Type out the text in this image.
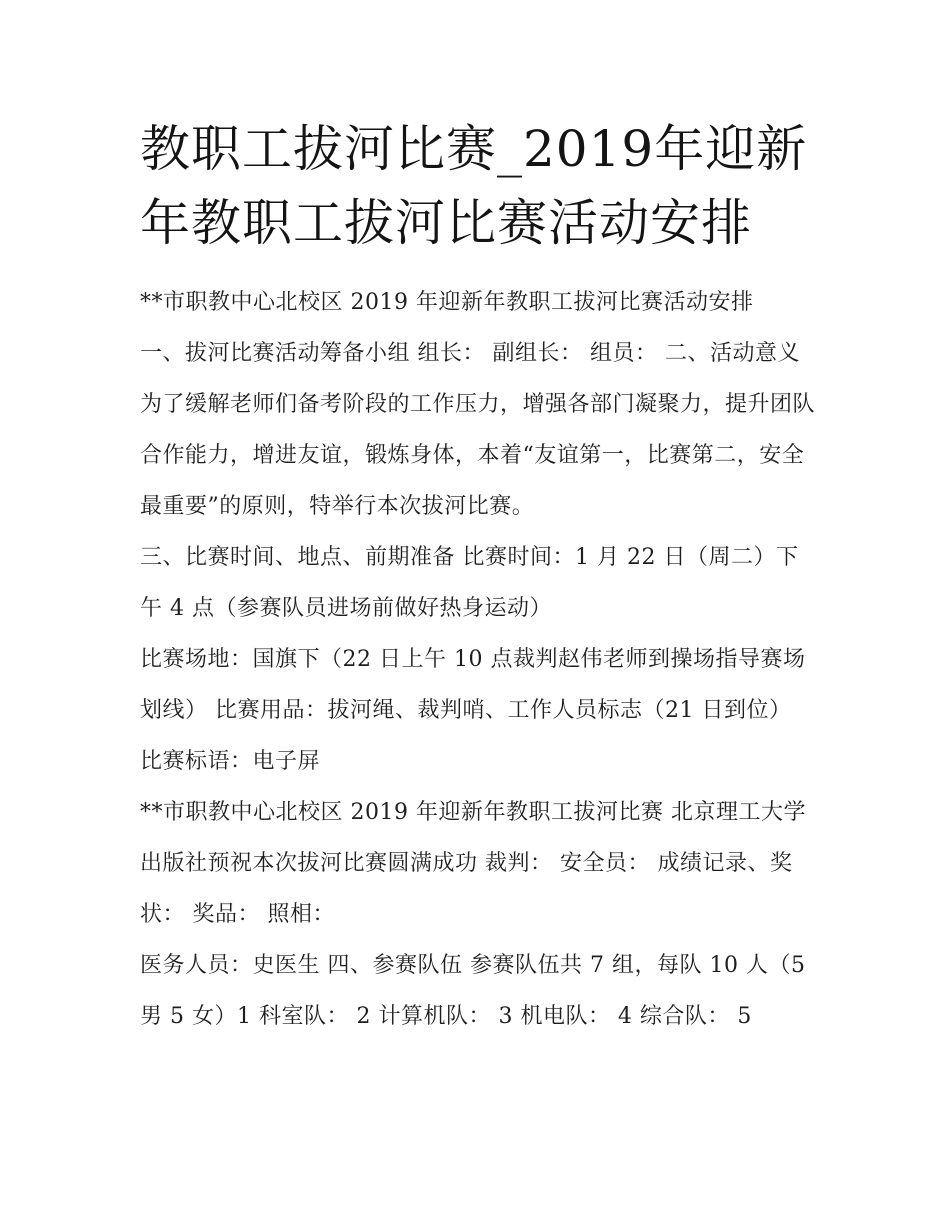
教职工拔河比赛_2019年迎新年教职工拔河比赛活动安排

**市职教中心北校区 2019 年迎新年教职工拔河比赛活动安排

一、拔河比赛活动筹备小组 组长： 副组长： 组员： 二、活动意义

为了缓解老师们备考阶段的工作压力，增强各部门凝聚力，提升团队合作能力，增进友谊，锻炼身体，本着“友谊第一，比赛第二，安全最重要”的原则，特举行本次拔河比赛。

三、比赛时间、地点、前期准备 比赛时间：1 月 22 日（周二）下午 4 点（参赛队员进场前做好热身运动）

比赛场地：国旗下（22 日上午 10 点裁判赵伟老师到操场指导赛场划线） 比赛用品：拔河绳、裁判哨、工作人员标志（21 日到位） 比赛标语：电子屏

**市职教中心北校区 2019 年迎新年教职工拔河比赛 北京理工大学出版社预祝本次拔河比赛圆满成功 裁判： 安全员： 成绩记录、奖状： 奖品： 照相：

医务人员：史医生 四、参赛队伍 参赛队伍共 7 组，每队 10 人（5 男 5 女）1 科室队： 2 计算机队： 3 机电队： 4 综合队： 5
